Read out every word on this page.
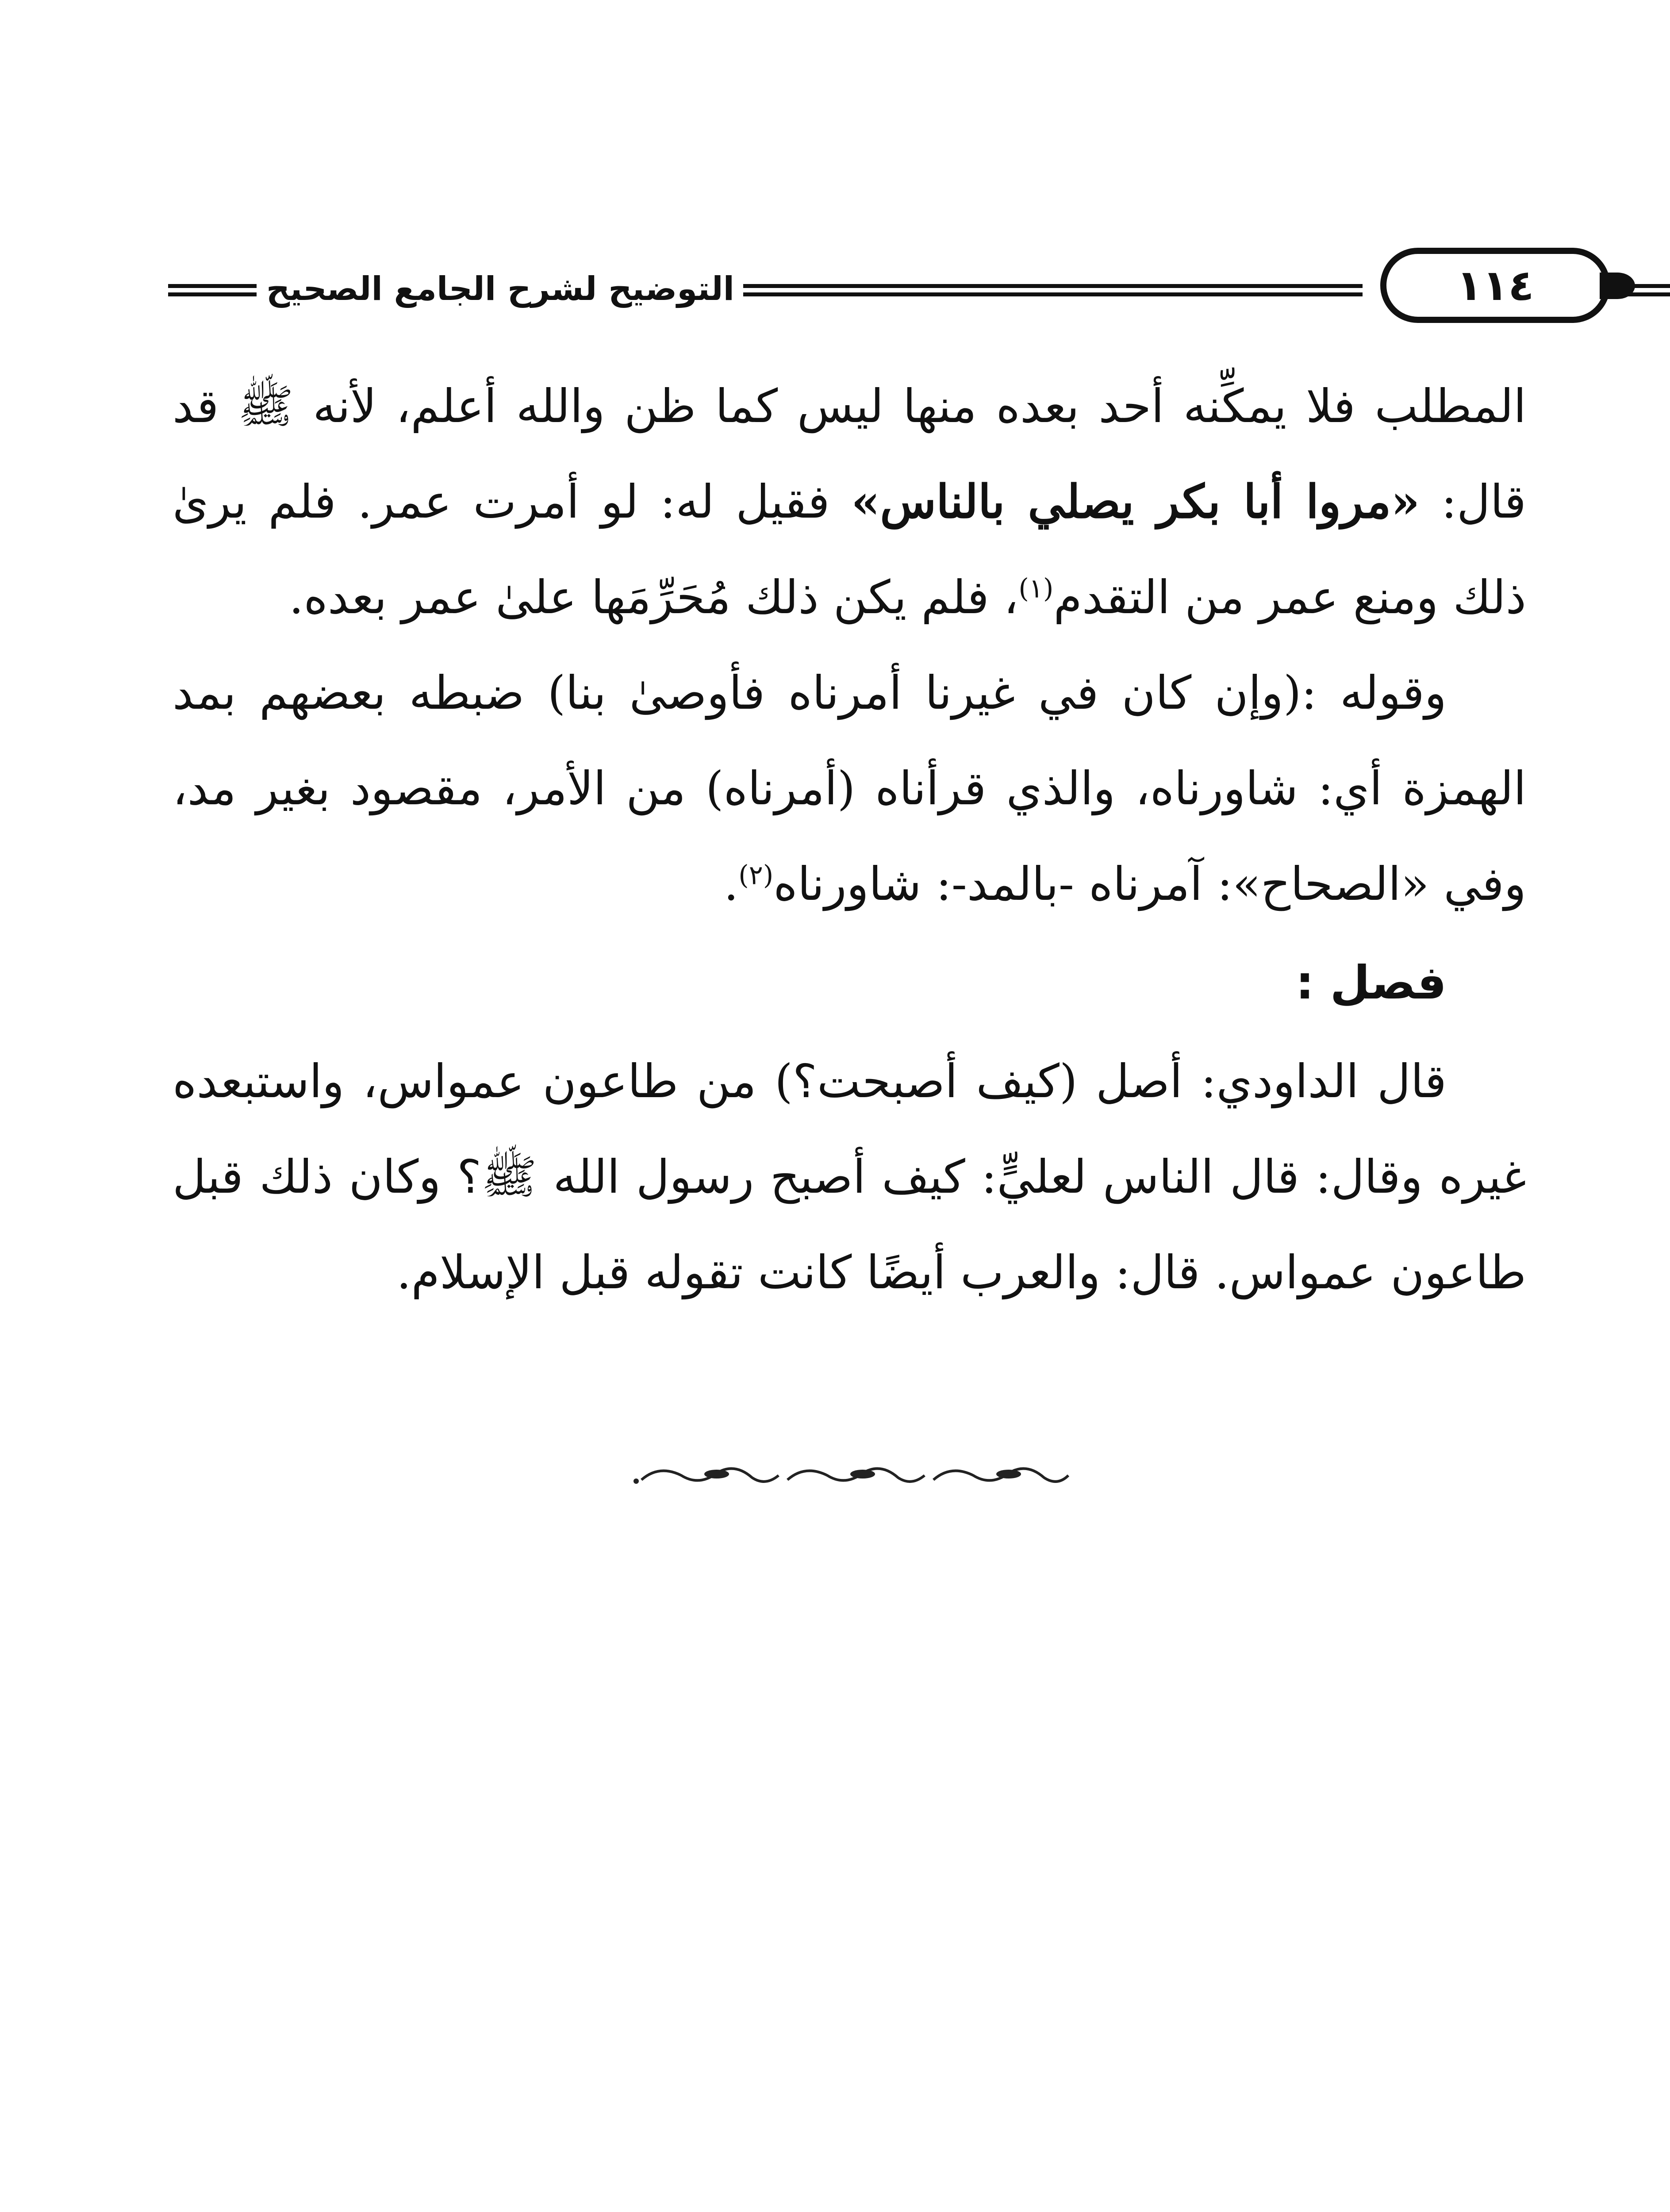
التوضيح لشرح الجامع الصحيح	١١٤

المطلب فلا يمكِّنه أحد بعده منها ليس كما ظن والله أعلم، لأنه ﷺ قد قال: «مروا أبا بكر يصلي بالناس» فقيل له: لو أمرت عمر. فلم يرىٰ ذلك ومنع عمر من التقدم$^{(١)}$، فلم يكن ذلك مُحَرِّمَها علىٰ عمر بعده.

وقوله :(وإن كان في غيرنا أمرناه فأوصىٰ بنا) ضبطه بعضهم بمد الهمزة أي: شاورناه، والذي قرأناه (أمرناه) من الأمر، مقصود بغير مد، وفي «الصحاح»: آمرناه -بالمد-: شاورناه$^{(٢)}$.

فصل :

قال الداودي: أصل (كيف أصبحت؟) من طاعون عمواس، واستبعده غيره وقال: قال الناس لعليٍّ: كيف أصبح رسول الله ﷺ؟ وكان ذلك قبل طاعون عمواس. قال: والعرب أيضًا كانت تقوله قبل الإسلام.
